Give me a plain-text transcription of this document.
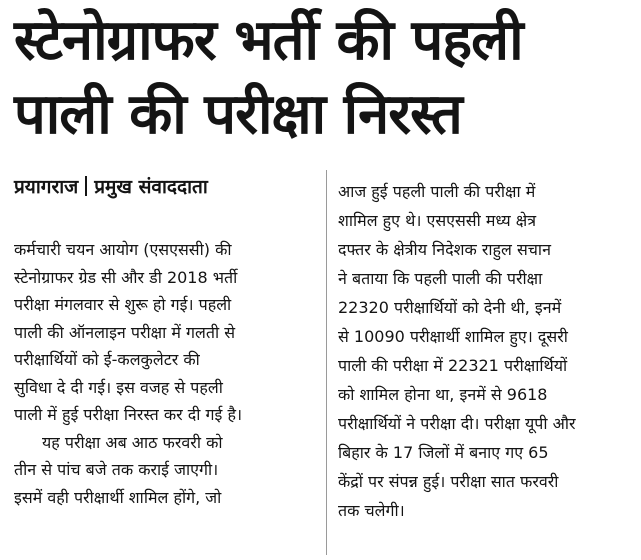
स्टेनोग्राफर भर्ती की पहली
पाली की परीक्षा निरस्त
प्रयागराज प्रमुख संवाददाता
कर्मचारी चयन आयोग (एसएससी) की
स्टेनोग्राफर ग्रेड सी और डी 2018 भर्ती
परीक्षा मंगलवार से शुरू हो गई। पहली
पाली की ऑनलाइन परीक्षा में गलती से
परीक्षार्थियों को ई-कलकुलेटर की
सुविधा दे दी गई। इस वजह से पहली
पाली में हुई परीक्षा निरस्त कर दी गई है।
यह परीक्षा अब आठ फरवरी को
तीन से पांच बजे तक कराई जाएगी।
इसमें वही परीक्षार्थी शामिल होंगे, जो
आज हुई पहली पाली की परीक्षा में
शामिल हुए थे। एसएससी मध्य क्षेत्र
दफ्तर के क्षेत्रीय निदेशक राहुल सचान
ने बताया कि पहली पाली की परीक्षा
22320 परीक्षार्थियों को देनी थी, इनमें
से 10090 परीक्षार्थी शामिल हुए। दूसरी
पाली की परीक्षा में 22321 परीक्षार्थियों
को शामिल होना था, इनमें से 9618
परीक्षार्थियों ने परीक्षा दी। परीक्षा यूपी और
बिहार के 17 जिलों में बनाए गए 65
केंद्रों पर संपन्न हुई। परीक्षा सात फरवरी
तक चलेगी।
